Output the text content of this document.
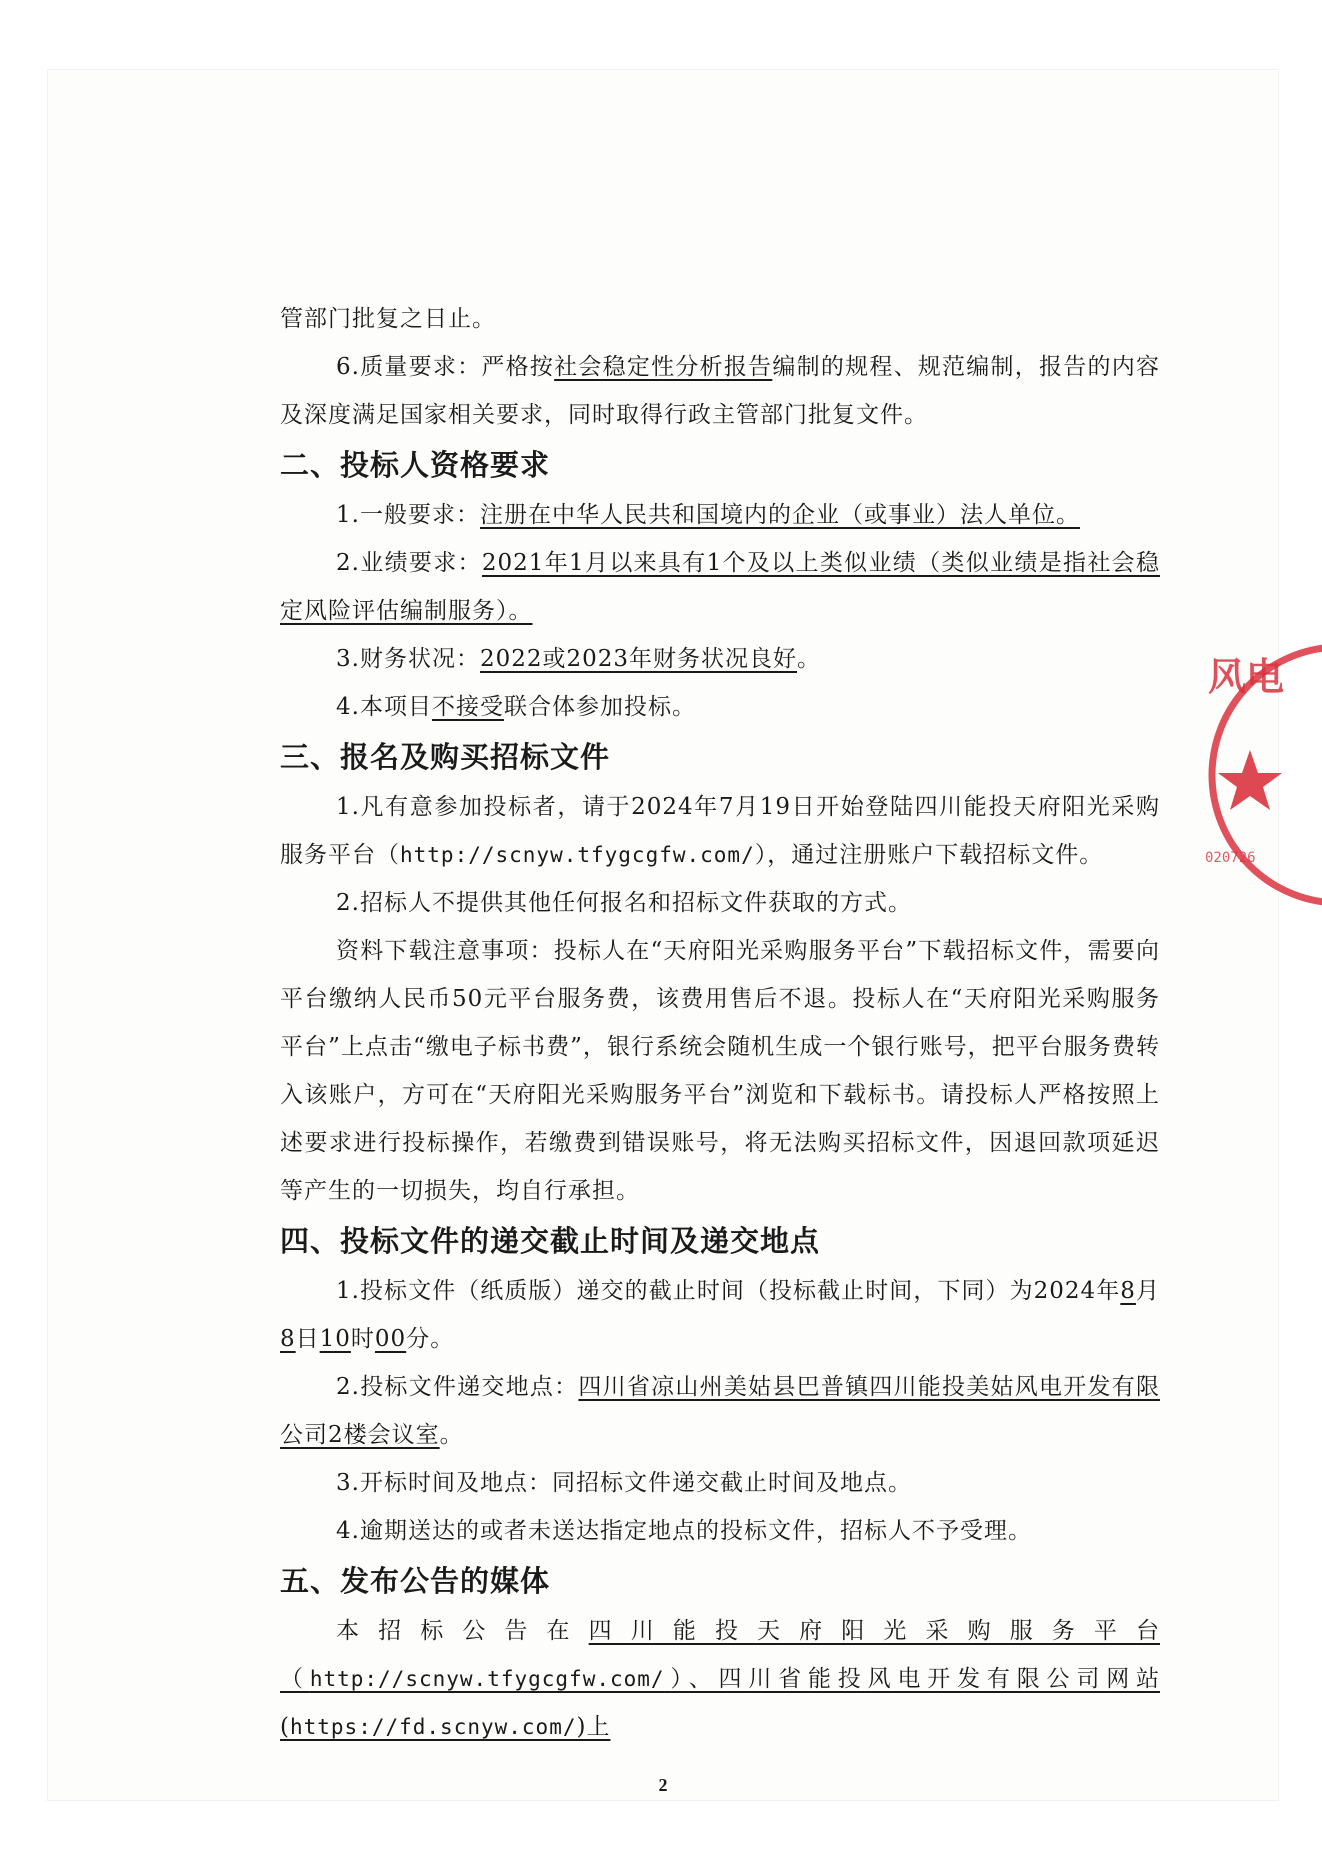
管部门批复之日止。

6.质量要求：严格按社会稳定性分析报告编制的规程、规范编制，报告的内容及深度满足国家相关要求，同时取得行政主管部门批复文件。

二、投标人资格要求

1.一般要求：注册在中华人民共和国境内的企业（或事业）法人单位。

2.业绩要求：2021年1月以来具有1个及以上类似业绩（类似业绩是指社会稳定风险评估编制服务）。

3.财务状况：2022或2023年财务状况良好。

4.本项目不接受联合体参加投标。

三、报名及购买招标文件

1.凡有意参加投标者，请于2024年7月19日开始登陆四川能投天府阳光采购服务平台（http://scnyw.tfygcgfw.com/），通过注册账户下载招标文件。

2.招标人不提供其他任何报名和招标文件获取的方式。

资料下载注意事项：投标人在“天府阳光采购服务平台”下载招标文件，需要向平台缴纳人民币50元平台服务费，该费用售后不退。投标人在“天府阳光采购服务平台”上点击“缴电子标书费”，银行系统会随机生成一个银行账号，把平台服务费转入该账户，方可在“天府阳光采购服务平台”浏览和下载标书。请投标人严格按照上述要求进行投标操作，若缴费到错误账号，将无法购买招标文件，因退回款项延迟等产生的一切损失，均自行承担。

四、投标文件的递交截止时间及递交地点

1.投标文件（纸质版）递交的截止时间（投标截止时间，下同）为2024年8月8日10时00分。

2.投标文件递交地点：四川省凉山州美姑县巴普镇四川能投美姑风电开发有限公司2楼会议室。

3.开标时间及地点：同招标文件递交截止时间及地点。

4.逾期送达的或者未送达指定地点的投标文件，招标人不予受理。

五、发布公告的媒体

本招标公告在四川能投天府阳光采购服务平台（http://scnyw.tfygcgfw.com/）、四川省能投风电开发有限公司网站(https://fd.scnyw.com/)上

2
风电
020726
